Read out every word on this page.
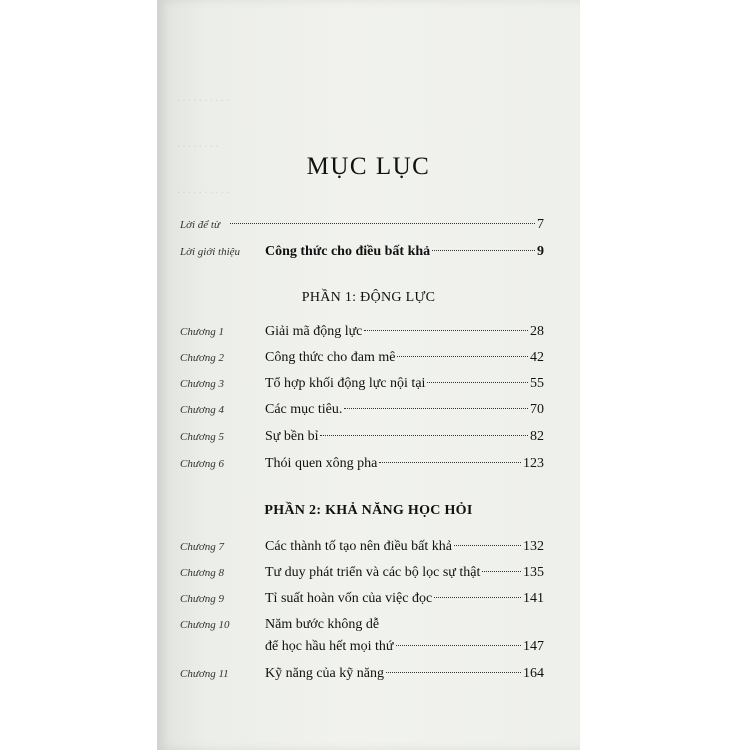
. . . . . . . . . .
. . . . . . . .
. . . . . . . . . .
MỤC LỤC
Lời để từ	7
Lời giới thiệu Công thức cho điều bất khả	9
PHẦN 1: ĐỘNG LỰC
Chương 1	Giải mã động lực	28
Chương 2	Công thức cho đam mê	42
Chương 3	Tổ hợp khối động lực nội tại	55
Chương 4	Các mục tiêu.	70
Chương 5	Sự bền bỉ	82
Chương 6	Thói quen xông pha	123
PHẦN 2: KHẢ NĂNG HỌC HỎI
Chương 7	Các thành tố tạo nên điều bất khả	132
Chương 8	Tư duy phát triển và các bộ lọc sự thật	135
Chương 9	Tỉ suất hoàn vốn của việc đọc	141
Chương 10	Năm bước không dễ
để học hầu hết mọi thứ	147
Chương 11	Kỹ năng của kỹ năng	164
